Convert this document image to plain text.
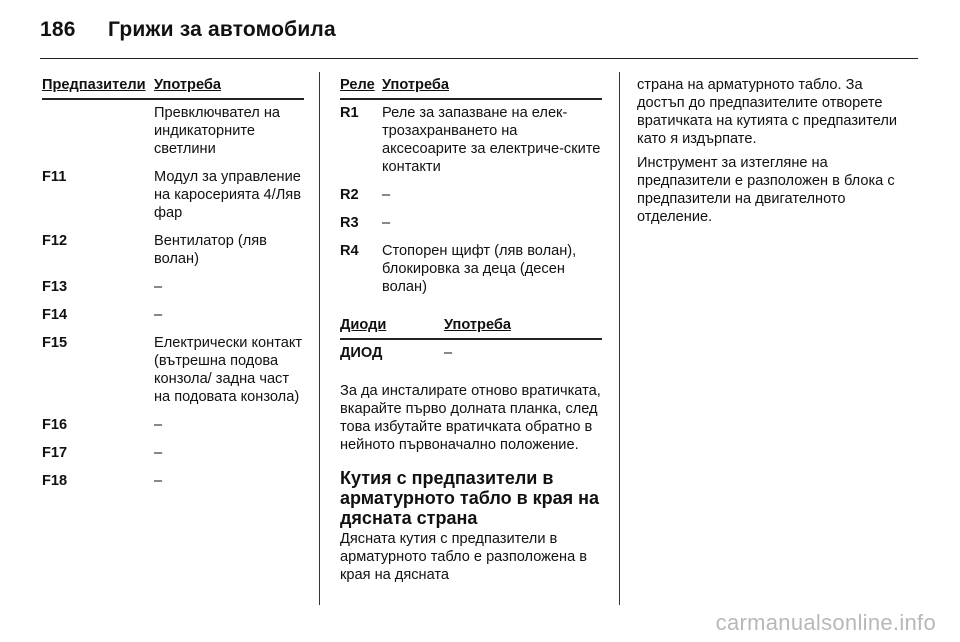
186 Грижи за автомобила
Предпазители	Употреба
	Превключвател на индикаторните светлини
F11	Модул за управление на каросерията 4/Ляв фар
F12	Вентилатор (ляв волан)
F13	–
F14	–
F15	Електрически контакт (вътрешна подова конзола/ задна част на подовата конзола)
F16	–
F17	–
F18	–
Реле	Употреба
R1	Реле за запазване на елек-трозахранването на аксесоарите за електриче-ските контакти
R2	–
R3	–
R4	Стопорен щифт (ляв волан), блокировка за деца (десен волан)
Диоди	Употреба
ДИОД	–

За да инсталирате отново вратичката, вкарайте първо долната планка, след това избутайте вратичката обратно в нейното първоначално положение.

Кутия с предпазители в арматурното табло в края на дясната страна

Дясната кутия с предпазители в арматурното табло е разположена в края на дясната

страна на арматурното табло. За достъп до предпазителите отворете вратичката на кутията с предпазители като я издърпате.

Инструмент за изтегляне на предпазители е разположен в блока с предпазители на двигателното отделение.

carmanualsonline.info
